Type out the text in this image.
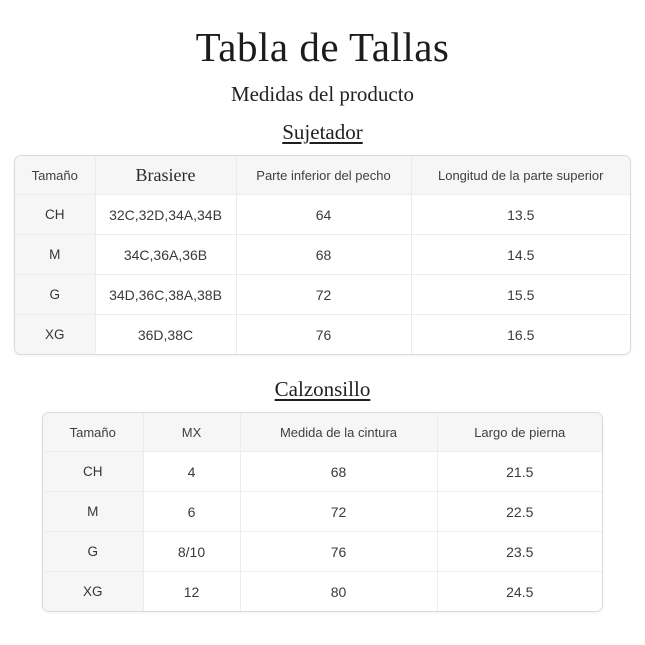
Tabla de Tallas
Medidas del producto
Sujetador
Tamaño	Brasiere	Parte inferior del pecho	Longitud de la parte superior
CH	32C,32D,34A,34B	64	13.5
M	34C,36A,36B	68	14.5
G	34D,36C,38A,38B	72	15.5
XG	36D,38C	76	16.5
Calzonsillo
Tamaño	MX	Medida de la cintura	Largo de pierna
CH	4	68	21.5
M	6	72	22.5
G	8/10	76	23.5
XG	12	80	24.5
